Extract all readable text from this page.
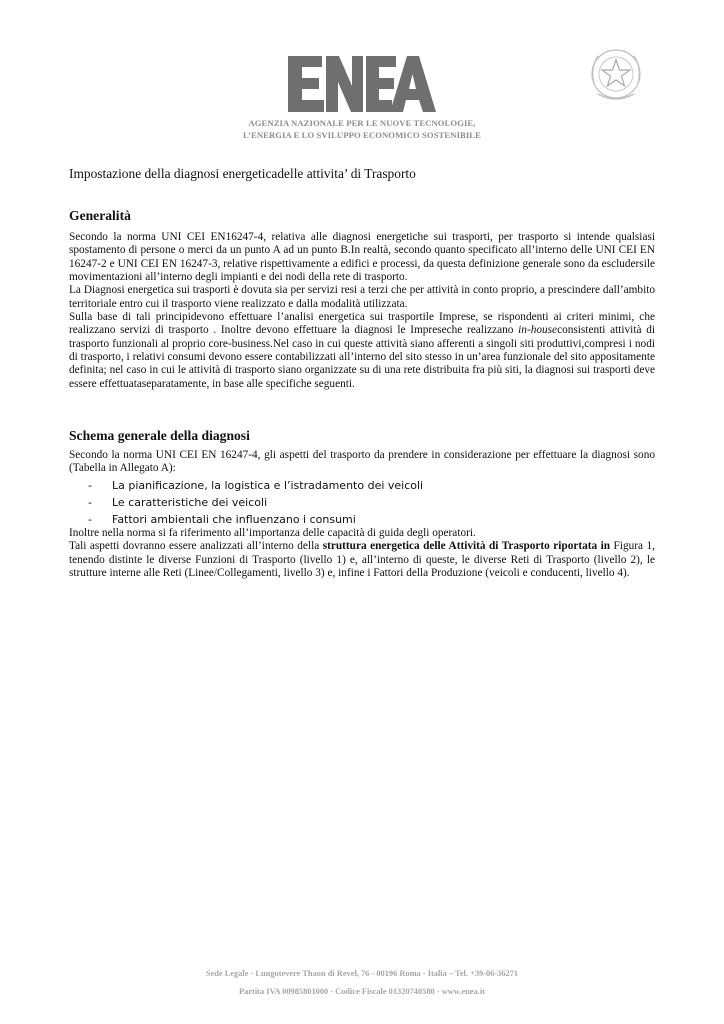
AGENZIA NAZIONALE PER LE NUOVE TECNOLOGIE,
L’ENERGIA E LO SVILUPPO ECONOMICO SOSTENIBILE
Impostazione della diagnosi energeticadelle attivita’ di Trasporto
Generalità

Secondo la norma UNI CEI EN16247-4, relativa alle diagnosi energetiche sui trasporti, per trasporto si intende qualsiasi spostamento di persone o merci da un punto A ad un punto B.In realtà, secondo quanto specificato all’interno delle UNI CEI EN 16247-2 e UNI CEI EN 16247-3, relative rispettivamente a edifici e processi, da questa definizione generale sono da escludersile movimentazioni all’interno degli impianti e dei nodi della rete di trasporto.

La Diagnosi energetica sui trasporti è dovuta sia per servizi resi a terzi che per attività in conto proprio, a prescindere dall’ambito territoriale entro cui il trasporto viene realizzato e dalla modalità utilizzata.

Sulla base di tali principidevono effettuare l’analisi energetica sui trasportile Imprese, se rispondenti ai criteri minimi, che realizzano servizi di trasporto . Inoltre devono effettuare la diagnosi le Impreseche realizzano in-houseconsistenti attività di trasporto funzionali al proprio core-business.Nel caso in cui queste attività siano afferenti a singoli siti produttivi,compresi i nodi di trasporto, i relativi consumi devono essere contabilizzati all’interno del sito stesso in un’area funzionale del sito appositamente definita; nel caso in cui le attività di trasporto siano organizzate su di una rete distribuita fra più siti, la diagnosi sui trasporti deve essere effettuataseparatamente, in base alle specifiche seguenti.

Schema generale della diagnosi

Secondo la norma UNI CEI EN 16247-4, gli aspetti del trasporto da prendere in considerazione per effettuare la diagnosi sono (Tabella in Allegato A):

- La pianificazione, la logistica e l’istradamento dei veicoli
- Le caratteristiche dei veicoli
- Fattori ambientali che influenzano i consumi

Inoltre nella norma si fa riferimento all’importanza delle capacità di guida degli operatori.

Tali aspetti dovranno essere analizzati all’interno della struttura energetica delle Attività di Trasporto riportata in Figura 1, tenendo distinte le diverse Funzioni di Trasporto (livello 1) e, all’interno di queste, le diverse Reti di Trasporto (livello 2), le strutture interne alle Reti (Linee/Collegamenti, livello 3) e, infine i Fattori della Produzione (veicoli e conducenti, livello 4).

Sede Legale - Lungotevere Thaon di Revel, 76 - 00196 Roma - Italia – Tel. +39-06-36271
Partita IVA 00985801000 - Codice Fiscale 01320740580 - www.enea.it
